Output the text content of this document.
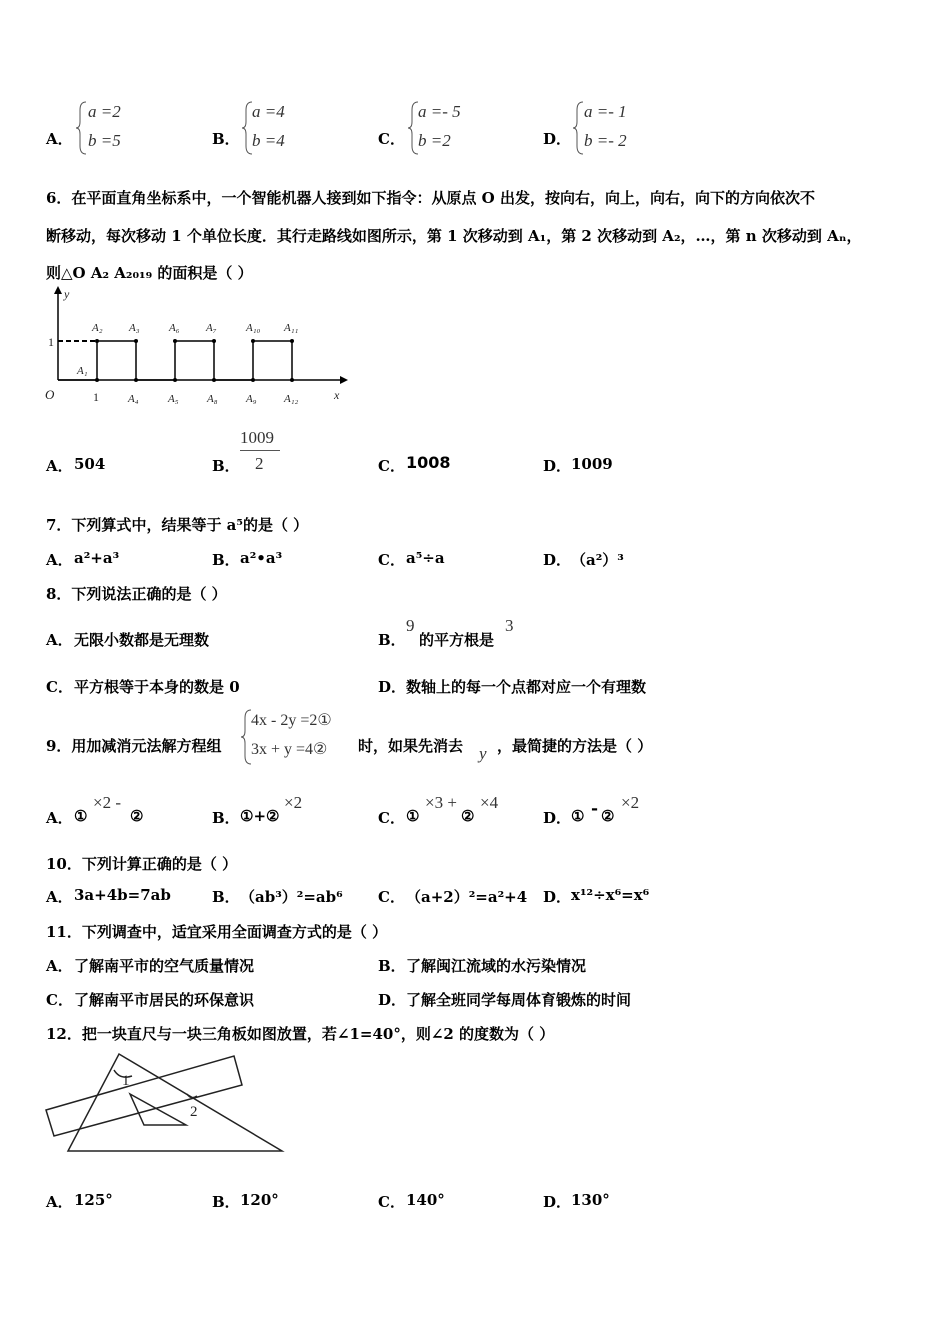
A．
a =2
b =5	B．
a =4
b =4	C．
a =- 5
b =2	D．
a =- 1
b =- 2
6．在平面直角坐标系中，一个智能机器人接到如下指令：从原点 O 出发，按向右，向上，向右，向下的方向依次不
断移动，每次移动 1 个单位长度．其行走路线如图所示，第 1 次移动到 A₁，第 2 次移动到 A₂，…，第 n 次移动到 Aₙ，
则△O A₂ A₂₀₁₉ 的面积是（ ）
y
x
O	1
1
A₁
A₂ A₃	A₆ A₇	A₁₀ A₁₁
A₄	A₅	A₈	A₉ A₁₂
A． 504	B．
1009
2	C． 1008	D． 1009
7．下列算式中，结果等于 a⁵的是（ ）
A． a²+a³	B． a²•a³	C． a⁵÷a	D． （a²）³
8．下列说法正确的是（ ）
A． 无限小数都是无理数	B．
9
的平方根是
3
C． 平方根等于本身的数是 0	D． 数轴上的每一个点都对应一个有理数
9．用加减消元法解方程组
4x - 2y =2①
3x + y =4② 时，如果先消去 y ，最简捷的方法是（ ）
A． ①
×2 -
②	B． ①+②
×2
C． ①
×3 +
②
×4
D． ① - ②
×2
10．下列计算正确的是（ ）
A． 3a+4b=7ab	B． （ab³）²=ab⁶ C． （a+2）²=a²+4 D． x¹²÷x⁶=x⁶
11．下列调查中，适宜采用全面调查方式的是（ ）
A． 了解南平市的空气质量情况	B． 了解闽江流域的水污染情况
C． 了解南平市居民的环保意识	D． 了解全班同学每周体育锻炼的时间
12．把一块直尺与一块三角板如图放置，若∠1=40°，则∠2 的度数为（ ）
1
2
A． 125°	B． 120°	C． 140°	D． 130°
